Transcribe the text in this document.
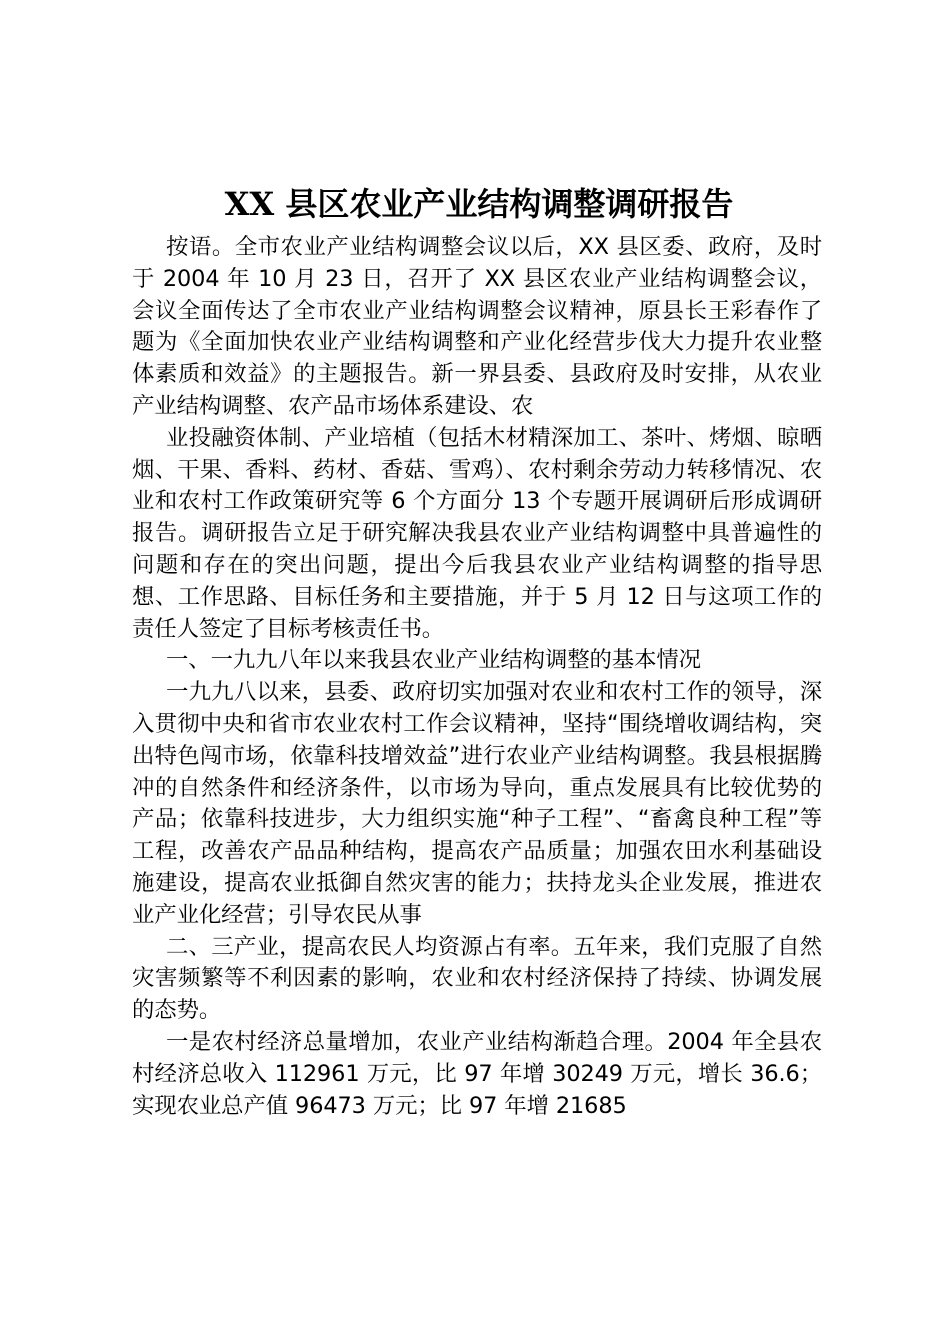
XX 县区农业产业结构调整调研报告

按语。全市农业产业结构调整会议以后，XX 县区委、政府，及时于 2004 年 10 月 23 日，召开了 XX 县区农业产业结构调整会议，会议全面传达了全市农业产业结构调整会议精神，原县长王彩春作了题为《全面加快农业产业结构调整和产业化经营步伐大力提升农业整体素质和效益》的主题报告。新一界县委、县政府及时安排，从农业产业结构调整、农产品市场体系建设、农

业投融资体制、产业培植（包括木材精深加工、茶叶、烤烟、晾晒烟、干果、香料、药材、香菇、雪鸡）、农村剩余劳动力转移情况、农业和农村工作政策研究等 6 个方面分 13 个专题开展调研后形成调研报告。调研报告立足于研究解决我县农业产业结构调整中具普遍性的问题和存在的突出问题，提出今后我县农业产业结构调整的指导思想、工作思路、目标任务和主要措施，并于 5 月 12 日与这项工作的责任人签定了目标考核责任书。

一、一九九八年以来我县农业产业结构调整的基本情况

一九九八以来，县委、政府切实加强对农业和农村工作的领导，深入贯彻中央和省市农业农村工作会议精神，坚持“围绕增收调结构，突出特色闯市场，依靠科技增效益”进行农业产业结构调整。我县根据腾冲的自然条件和经济条件，以市场为导向，重点发展具有比较优势的产品；依靠科技进步，大力组织实施“种子工程”、“畜禽良种工程”等工程，改善农产品品种结构，提高农产品质量；加强农田水利基础设施建设，提高农业抵御自然灾害的能力；扶持龙头企业发展，推进农业产业化经营；引导农民从事

二、三产业，提高农民人均资源占有率。五年来，我们克服了自然灾害频繁等不利因素的影响，农业和农村经济保持了持续、协调发展的态势。

一是农村经济总量增加，农业产业结构渐趋合理。2004 年全县农村经济总收入 112961 万元，比 97 年增 30249 万元，增长 36.6；实现农业总产值 96473 万元；比 97 年增 21685
